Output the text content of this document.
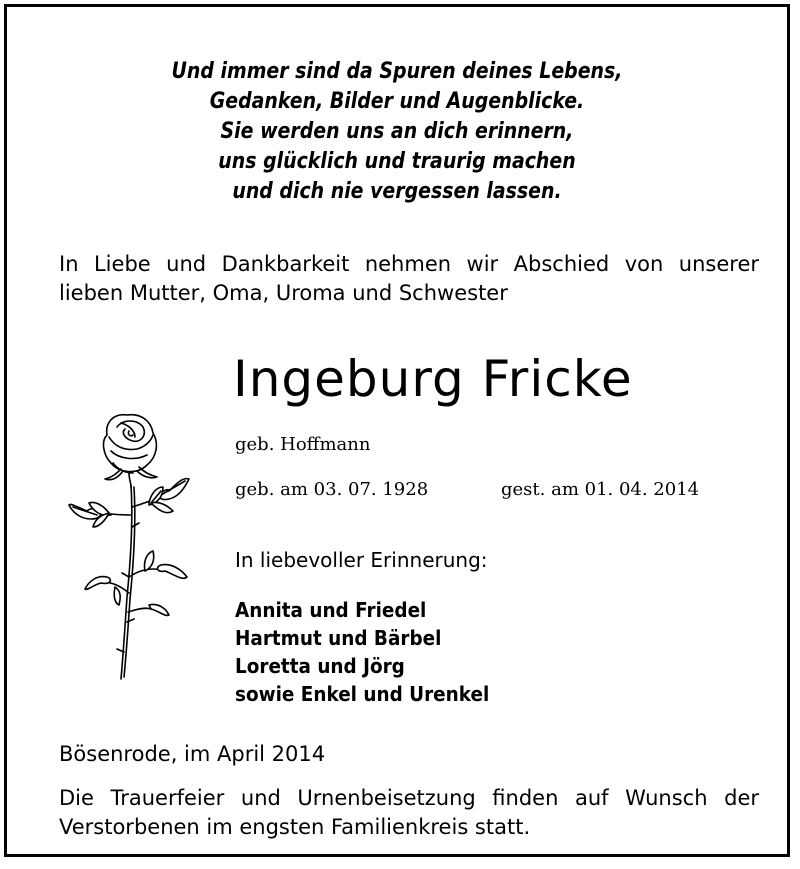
Und immer sind da Spuren deines Lebens,
Gedanken, Bilder und Augenblicke.
Sie werden uns an dich erinnern,
uns glücklich und traurig machen
und dich nie vergessen lassen.
In Liebe und Dankbarkeit nehmen wir Abschied von unserer lieben Mutter, Oma, Uroma und Schwester
Ingeburg Fricke
geb. Hoffmann
geb. am 03. 07. 1928	gest. am 01. 04. 2014
In liebevoller Erinnerung:
Annita und Friedel
Hartmut und Bärbel
Loretta und Jörg
sowie Enkel und Urenkel
Bösenrode, im April 2014
Die Trauerfeier und Urnenbeisetzung finden auf Wunsch der Verstorbenen im engsten Familienkreis statt.
